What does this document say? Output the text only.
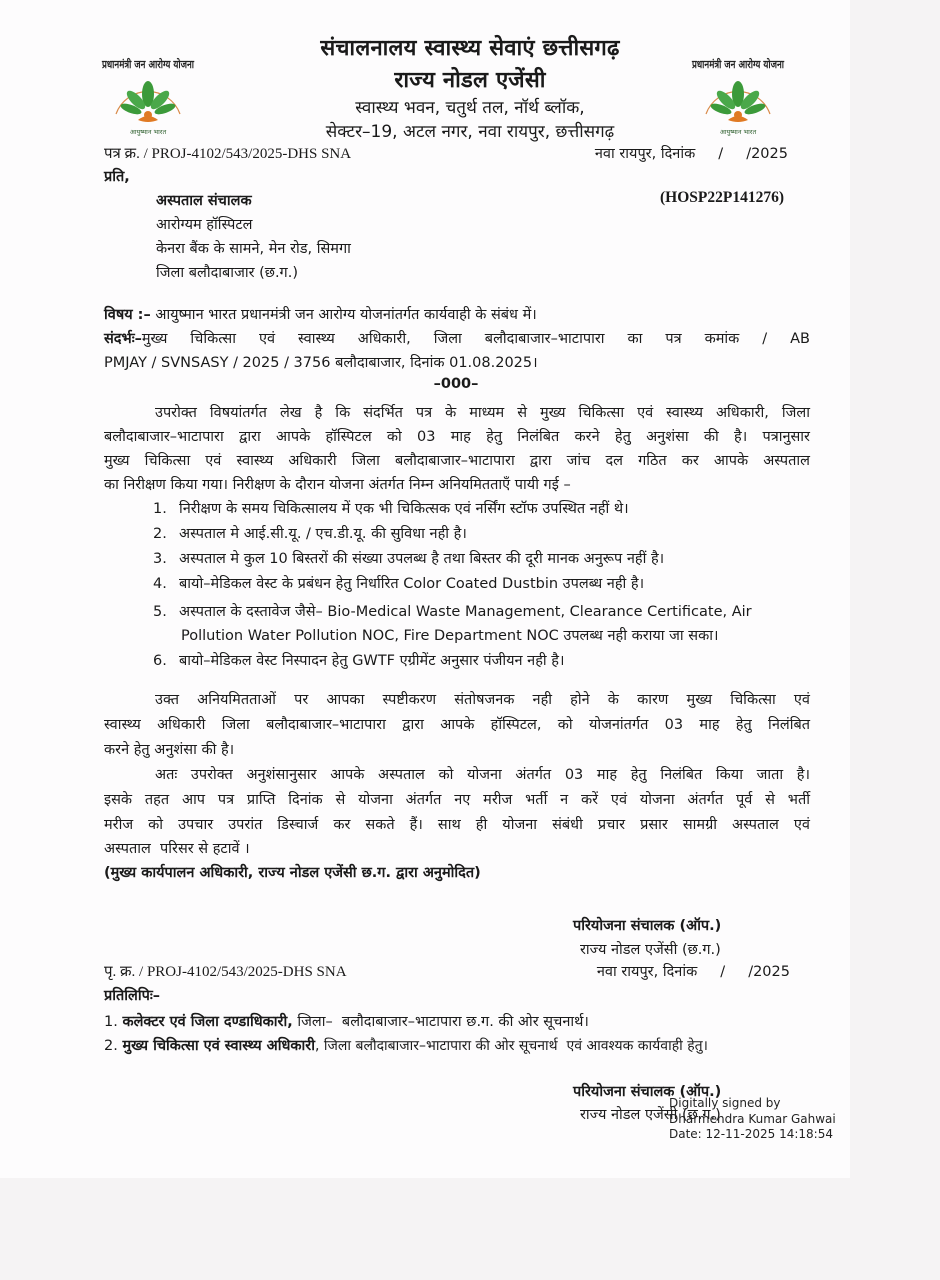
प्रधानमंत्री जन आरोग्य योजना
आयुष्मान भारत
प्रधानमंत्री जन आरोग्य योजना
आयुष्मान भारत
संचालनालय स्वास्थ्य सेवाएं छत्तीसगढ़
राज्य नोडल एजेंसी
स्वास्थ्य भवन, चतुर्थ तल, नॉर्थ ब्लॉक,
सेक्टर–19, अटल नगर, नवा रायपुर, छत्तीसगढ़
पत्र क्र. / PROJ-4102/543/2025-DHS SNA	नवा रायपुर, दिनांक     /     /2025
प्रति,
अस्पताल संचालक	(HOSP22P141276)
आरोग्यम हॉस्पिटल
केनरा बैंक के सामने, मेन रोड, सिमगा
जिला बलौदाबाजार (छ.ग.)
विषय :– आयुष्मान भारत प्रधानमंत्री जन आरोग्य योजनांतर्गत कार्यवाही के संबंध में।
संदर्भः–मुख्य चिकित्सा एवं स्वास्थ्य अधिकारी, जिला बलौदाबाजार–भाटापारा का पत्र कमांक / AB
PMJAY / SVNSASY / 2025 / 3756 बलौदाबाजार, दिनांक 01.08.2025।
–000–
उपरोक्त विषयांतर्गत लेख है कि संदर्भित पत्र के माध्यम से मुख्य चिकित्सा एवं स्वास्थ्य अधिकारी, जिला
बलौदाबाजार–भाटापारा द्वारा आपके हॉस्पिटल को 03 माह हेतु निलंबित करने हेतु अनुशंसा की है। पत्रानुसार
मुख्य चिकित्सा एवं स्वास्थ्य अधिकारी जिला बलौदाबाजार–भाटापारा द्वारा जांच दल गठित कर आपके अस्पताल
का निरीक्षण किया गया। निरीक्षण के दौरान योजना अंतर्गत निम्न अनियमितताएँ पायी गई –
1. निरीक्षण के समय चिकित्सालय में एक भी चिकित्सक एवं नर्सिंग स्टॉफ उपस्थित नहीं थे।
2. अस्पताल मे आई.सी.यू. / एच.डी.यू. की सुविधा नही है।
3. अस्पताल मे कुल 10 बिस्तरों की संख्या उपलब्ध है तथा बिस्तर की दूरी मानक अनुरूप नहीं है।
4. बायो–मेडिकल वेस्ट के प्रबंधन हेतु निर्धारित Color Coated Dustbin उपलब्ध नही है।
5. अस्पताल के दस्तावेज जैसे– Bio-Medical Waste Management, Clearance Certificate, Air
Pollution Water Pollution NOC, Fire Department NOC उपलब्ध नही कराया जा सका।
6. बायो–मेडिकल वेस्ट निस्पादन हेतु GWTF एग्रीमेंट अनुसार पंजीयन नही है।
उक्त अनियमितताओं पर आपका स्पष्टीकरण संतोषजनक नही होने के कारण मुख्य चिकित्सा एवं
स्वास्थ्य अधिकारी जिला बलौदाबाजार–भाटापारा द्वारा आपके हॉस्पिटल, को योजनांतर्गत 03 माह हेतु निलंबित
करने हेतु अनुशंसा की है।
अतः उपरोक्त अनुशंसानुसार आपके अस्पताल को योजना अंतर्गत 03 माह हेतु निलंबित किया जाता है।
इसके तहत आप पत्र प्राप्ति दिनांक से योजना अंतर्गत नए मरीज भर्ती न करें एवं योजना अंतर्गत पूर्व से भर्ती
मरीज को उपचार उपरांत डिस्चार्ज कर सकते हैं। साथ ही योजना संबंधी प्रचार प्रसार सामग्री अस्पताल एवं
अस्पताल  परिसर से हटावें ।
(मुख्य कार्यपालन अधिकारी, राज्य नोडल एजेंसी छ.ग. द्वारा अनुमोदित)
परियोजना संचालक (ऑप.)
राज्य नोडल एजेंसी (छ.ग.)
पृ. क्र. / PROJ-4102/543/2025-DHS SNA	नवा रायपुर, दिनांक     /     /2025
प्रतिलिपिः–
1. कलेक्टर एवं जिला दण्डाधिकारी, जिला–  बलौदाबाजार–भाटापारा छ.ग. की ओर सूचनार्थ।
2. मुख्य चिकित्सा एवं स्वास्थ्य अधिकारी, जिला बलौदाबाजार–भाटापारा की ओर सूचनार्थ  एवं आवश्यक कार्यवाही हेतु।
परियोजना संचालक (ऑप.)
राज्य नोडल एजेंसी (छ.ग.)
Digitally signed by
Dharmendra Kumar Gahwai
Date: 12-11-2025 14:18:54
